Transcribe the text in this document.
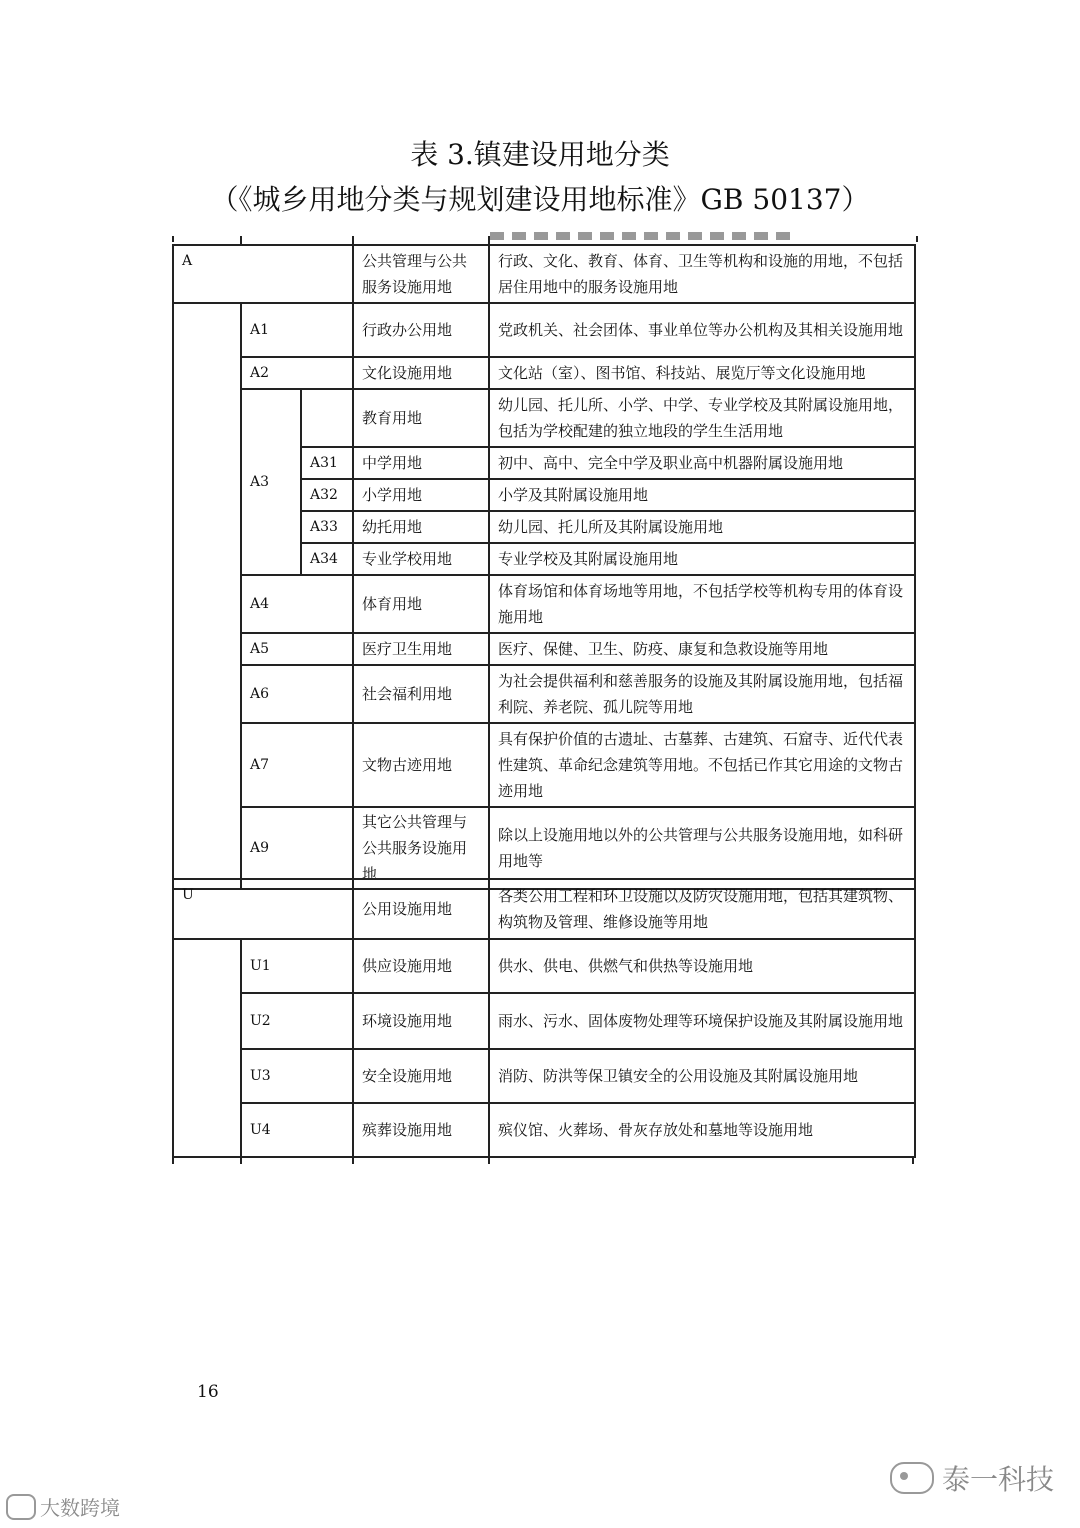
表 3.镇建设用地分类
（《城乡用地分类与规划建设用地标准》GB 50137）
A			公共管理与公共服务设施用地	行政、文化、教育、体育、卫生等机构和设施的用地，不包括居住用地中的服务设施用地
	A1		行政办公用地	党政机关、社会团体、事业单位等办公机构及其相关设施用地
	A2		文化设施用地	文化站（室）、图书馆、科技站、展览厅等文化设施用地
	A3		教育用地	幼儿园、托儿所、小学、中学、专业学校及其附属设施用地，包括为学校配建的独立地段的学生生活用地
		A31	中学用地	初中、高中、完全中学及职业高中机器附属设施用地
		A32	小学用地	小学及其附属设施用地
		A33	幼托用地	幼儿园、托儿所及其附属设施用地
		A34	专业学校用地	专业学校及其附属设施用地
	A4		体育用地	体育场馆和体育场地等用地，不包括学校等机构专用的体育设施用地
	A5		医疗卫生用地	医疗、保健、卫生、防疫、康复和急救设施等用地
	A6		社会福利用地	为社会提供福利和慈善服务的设施及其附属设施用地，包括福利院、养老院、孤儿院等用地
	A7		文物古迹用地	具有保护价值的古遗址、古墓葬、古建筑、石窟寺、近代代表性建筑、革命纪念建筑等用地。不包括已作其它用途的文物古迹用地
	A9		其它公共管理与公共服务设施用地	除以上设施用地以外的公共管理与公共服务设施用地，如科研用地等
U		公用设施用地	各类公用工程和环卫设施以及防灾设施用地，包括其建筑物、构筑物及管理、维修设施等用地
	U1	供应设施用地	供水、供电、供燃气和供热等设施用地
	U2	环境设施用地	雨水、污水、固体废物处理等环境保护设施及其附属设施用地
	U3	安全设施用地	消防、防洪等保卫镇安全的公用设施及其附属设施用地
	U4	殡葬设施用地	殡仪馆、火葬场、骨灰存放处和墓地等设施用地
16
大数跨境
泰一科技
